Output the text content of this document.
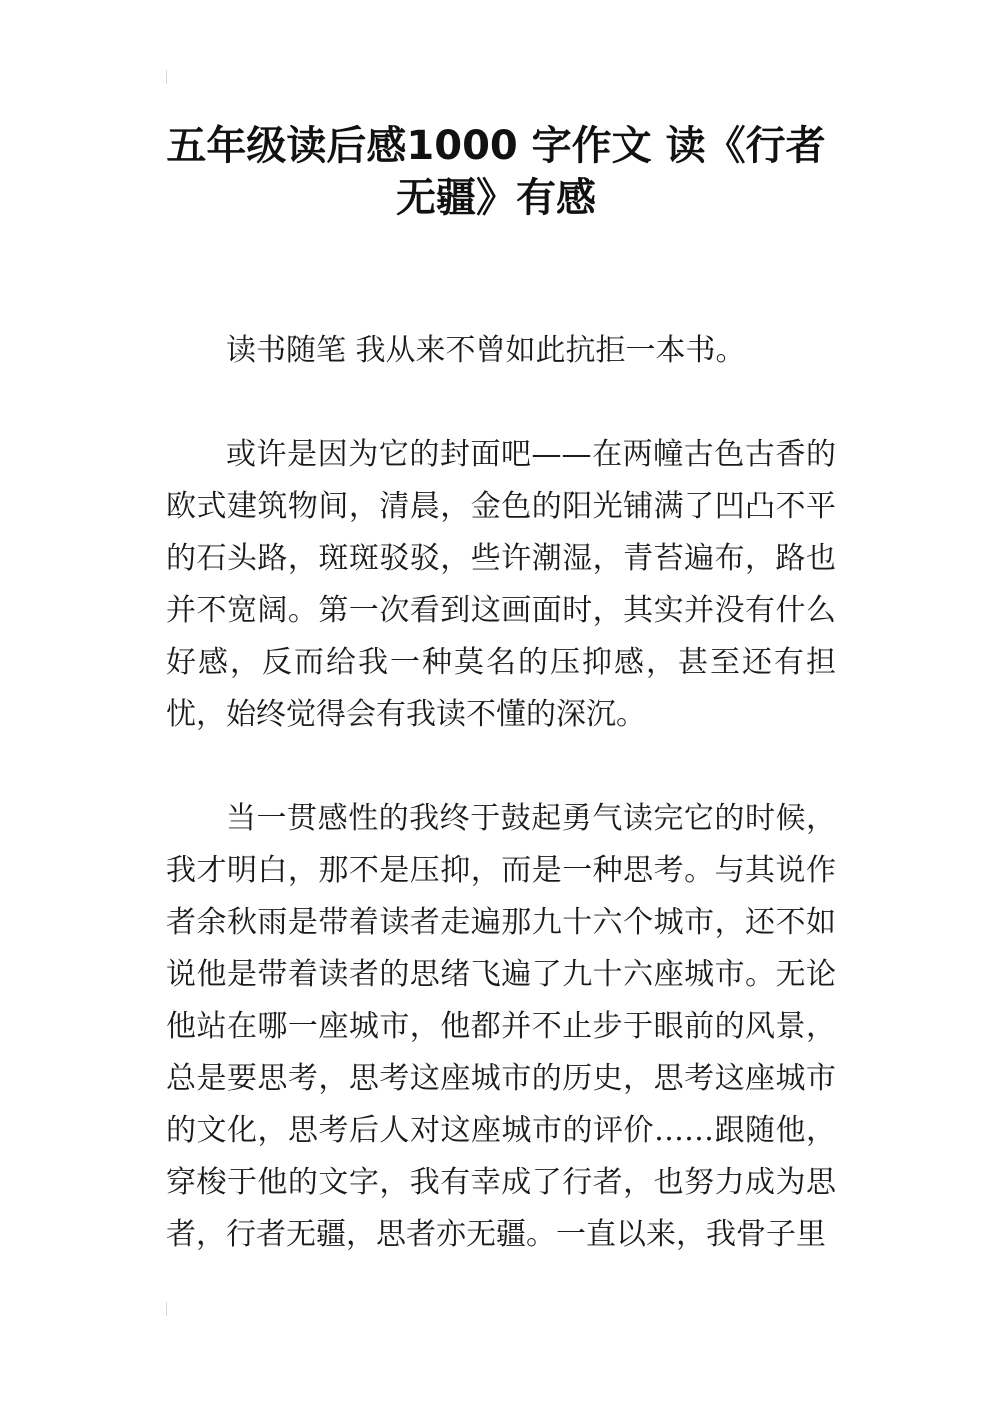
五年级读后感1000 字作文 读《行者无疆》有感

读书随笔 我从来不曾如此抗拒一本书。

或许是因为它的封面吧——在两幢古色古香的欧式建筑物间，清晨，金色的阳光铺满了凹凸不平的石头路，斑斑驳驳，些许潮湿，青苔遍布，路也并不宽阔。第一次看到这画面时，其实并没有什么好感，反而给我一种莫名的压抑感，甚至还有担忧，始终觉得会有我读不懂的深沉。

当一贯感性的我终于鼓起勇气读完它的时候，我才明白，那不是压抑，而是一种思考。与其说作者余秋雨是带着读者走遍那九十六个城市，还不如说他是带着读者的思绪飞遍了九十六座城市。无论他站在哪一座城市，他都并不止步于眼前的风景，总是要思考，思考这座城市的历史，思考这座城市的文化，思考后人对这座城市的评价……跟随他，穿梭于他的文字，我有幸成了行者，也努力成为思者，行者无疆，思者亦无疆。一直以来，我骨子里
